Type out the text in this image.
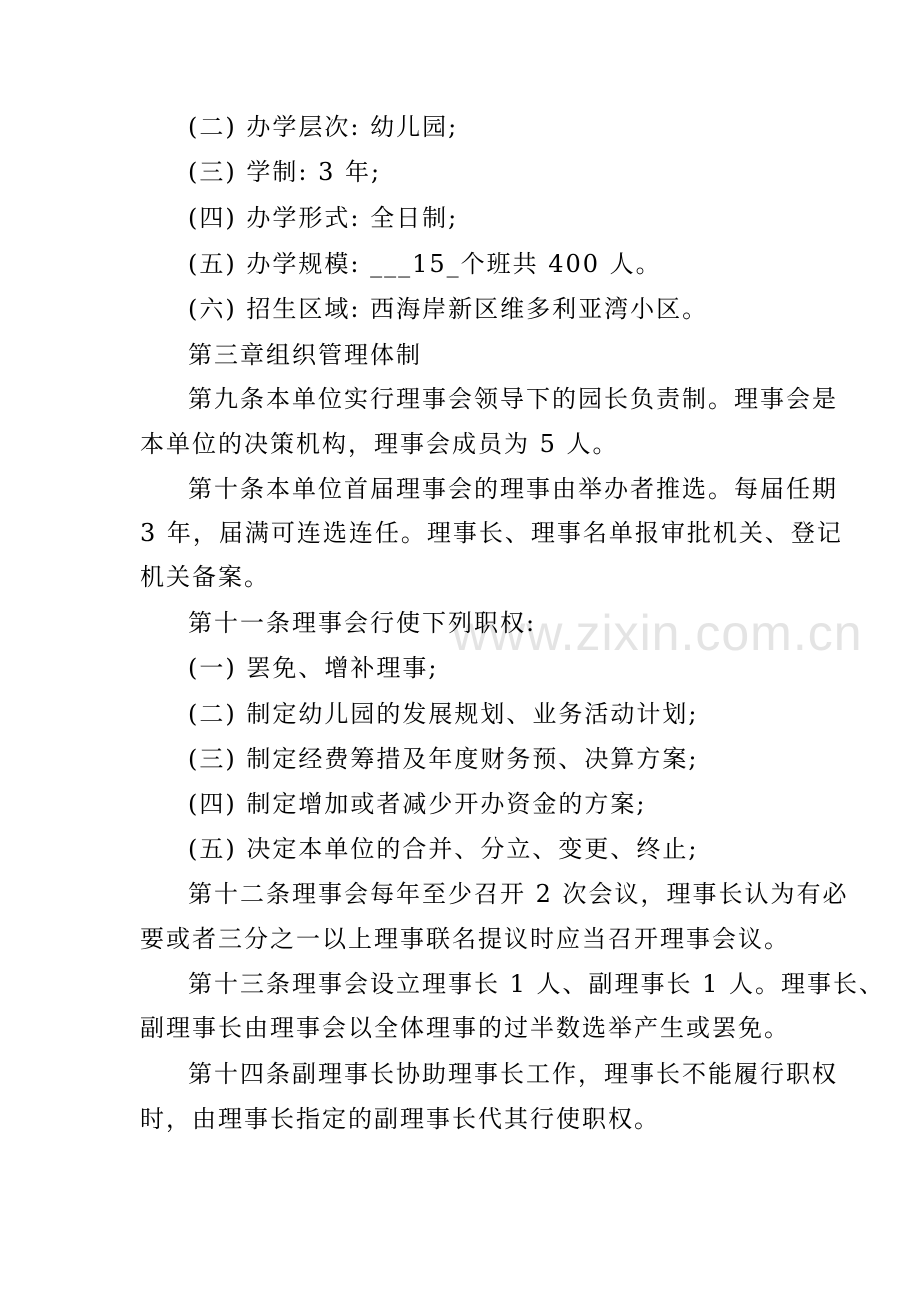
www.zixin.com.cn
(二) 办学层次: 幼儿园;
(三) 学制: 3 年;
(四) 办学形式: 全日制;
(五) 办学规模: ___15_个班共 400 人。
(六) 招生区域: 西海岸新区维多利亚湾小区。
第三章组织管理体制
第九条本单位实行理事会领导下的园长负责制。理事会是
本单位的决策机构，理事会成员为 5 人。
第十条本单位首届理事会的理事由举办者推选。每届任期
3 年，届满可连选连任。理事长、理事名单报审批机关、登记
机关备案。
第十一条理事会行使下列职权:
(一) 罢免、增补理事;
(二) 制定幼儿园的发展规划、业务活动计划;
(三) 制定经费筹措及年度财务预、决算方案;
(四) 制定增加或者减少开办资金的方案;
(五) 决定本单位的合并、分立、变更、终止;
第十二条理事会每年至少召开 2 次会议，理事长认为有必
要或者三分之一以上理事联名提议时应当召开理事会议。
第十三条理事会设立理事长 1 人、副理事长 1 人。理事长、
副理事长由理事会以全体理事的过半数选举产生或罢免。
第十四条副理事长协助理事长工作，理事长不能履行职权
时，由理事长指定的副理事长代其行使职权。
